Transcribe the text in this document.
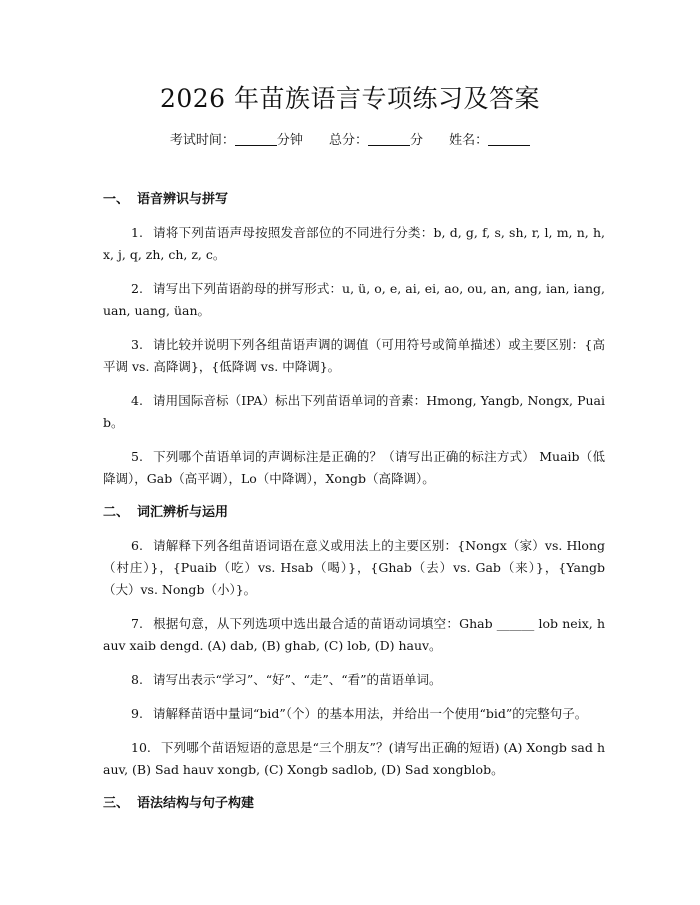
2026 年苗族语言专项练习及答案
考试时间：	分钟 总分：	分 姓名：
一、 语音辨识与拼写
1. 请将下列苗语声母按照发音部位的不同进行分类：b, d, g, f, s, sh, r, l, m, n, h, x, j, q, zh, ch, z, c。
2. 请写出下列苗语韵母的拼写形式：u, ü, o, e, ai, ei, ao, ou, an, ang, ian, iang, uan, uang, üan。
3. 请比较并说明下列各组苗语声调的调值（可用符号或简单描述）或主要区别：{高平调 vs. 高降调}，{低降调 vs. 中降调}。
4. 请用国际音标（IPA）标出下列苗语单词的音素：Hmong, Yangb, Nongx, Puaib。
5. 下列哪个苗语单词的声调标注是正确的？（请写出正确的标注方式） Muaib（低降调），Gab（高平调），Lo（中降调），Xongb（高降调）。
二、 词汇辨析与运用
6. 请解释下列各组苗语词语在意义或用法上的主要区别：{Nongx（家）vs. Hlong（村庄）}，{Puaib（吃）vs. Hsab（喝）}，{Ghab（去）vs. Gab（来）}，{Yangb（大）vs. Nongb（小）}。
7. 根据句意，从下列选项中选出最合适的苗语动词填空：Ghab ______ lob neix, hauv xaib dengd. (A) dab, (B) ghab, (C) lob, (D) hauv。
8. 请写出表示“学习”、“好”、“走”、“看”的苗语单词。
9. 请解释苗语中量词“bid”（个）的基本用法，并给出一个使用“bid”的完整句子。
10. 下列哪个苗语短语的意思是“三个朋友”？(请写出正确的短语) (A) Xongb sad hauv, (B) Sad hauv xongb, (C) Xongb sadlob, (D) Sad xongblob。
三、 语法结构与句子构建
